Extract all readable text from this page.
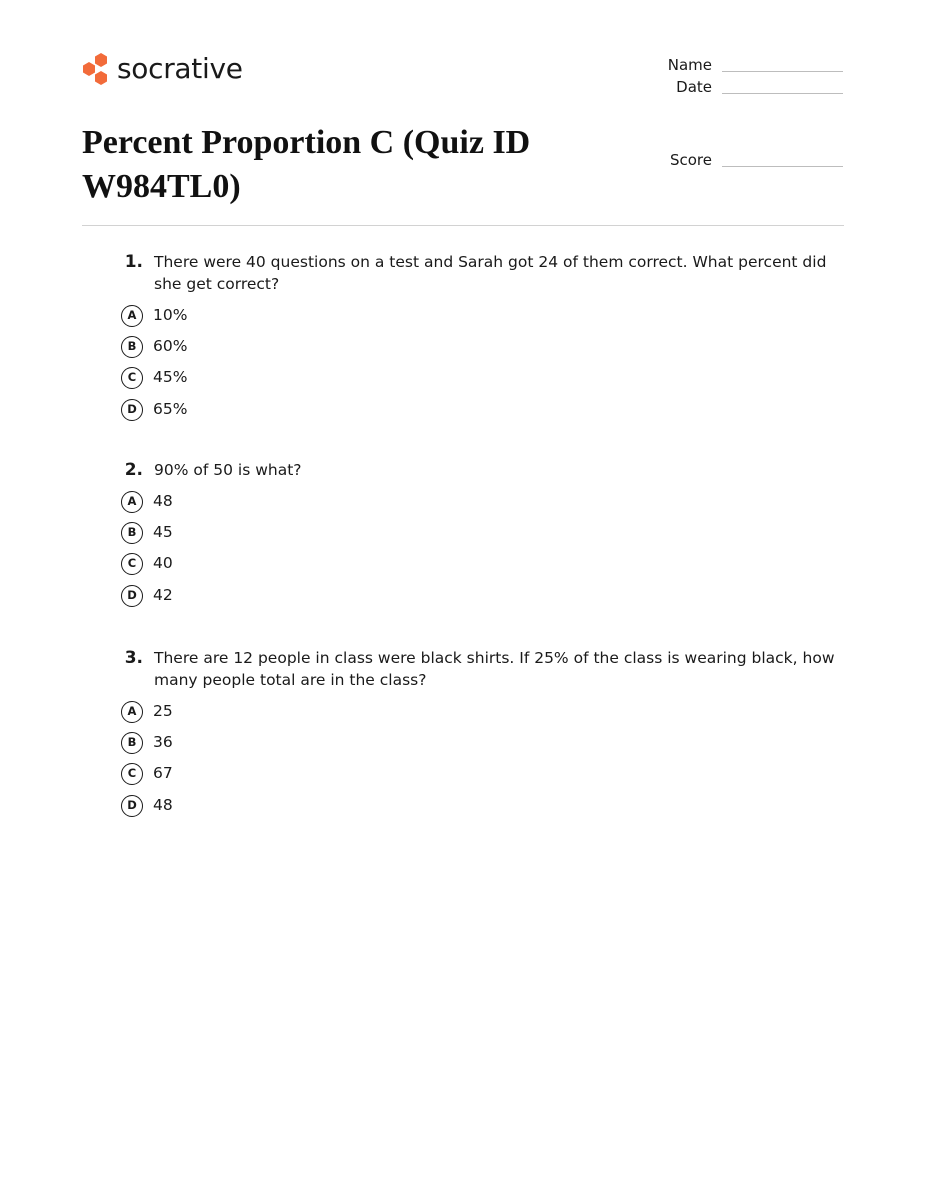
socrative	Name
Date
Score
Percent Proportion C (Quiz ID W984TL0)
1. There were 40 questions on a test and Sarah got 24 of them correct. What percent did she get correct?
A	10%
B	60%
C	45%
D	65%
2. 90% of 50 is what?
A	48
B	45
C	40
D	42
3. There are 12 people in class were black shirts. If 25% of the class is wearing black, how many people total are in the class?
A	25
B	36
C	67
D	48
